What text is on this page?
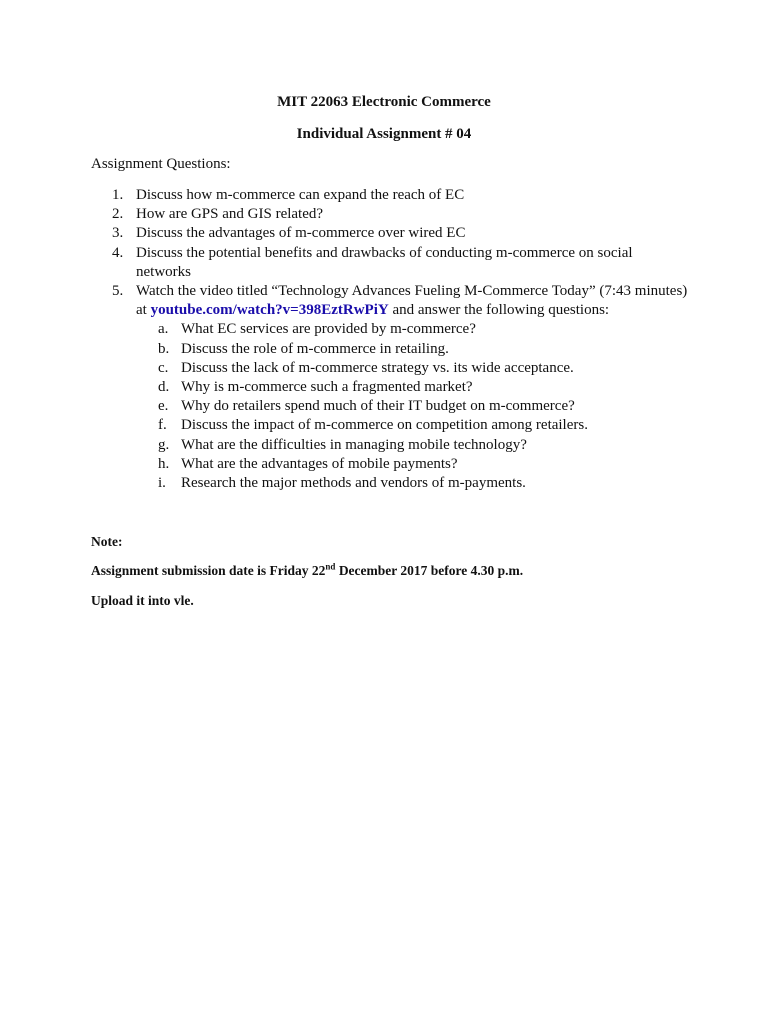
MIT 22063 Electronic Commerce
Individual Assignment # 04
Assignment Questions:
1. Discuss how m-commerce can expand the reach of EC
2. How are GPS and GIS related?
3. Discuss the advantages of m-commerce over wired EC
4. Discuss the potential benefits and drawbacks of conducting m-commerce on social networks
5. Watch the video titled “Technology Advances Fueling M-Commerce Today” (7:43 minutes) at youtube.com/watch?v=398EztRwPiY and answer the following questions:
a. What EC services are provided by m-commerce?
b. Discuss the role of m-commerce in retailing.
c. Discuss the lack of m-commerce strategy vs. its wide acceptance.
d. Why is m-commerce such a fragmented market?
e. Why do retailers spend much of their IT budget on m-commerce?
f. Discuss the impact of m-commerce on competition among retailers.
g. What are the difficulties in managing mobile technology?
h. What are the advantages of mobile payments?
i. Research the major methods and vendors of m-payments.
Note:
Assignment submission date is Friday 22nd December 2017 before 4.30 p.m.
Upload it into vle.
